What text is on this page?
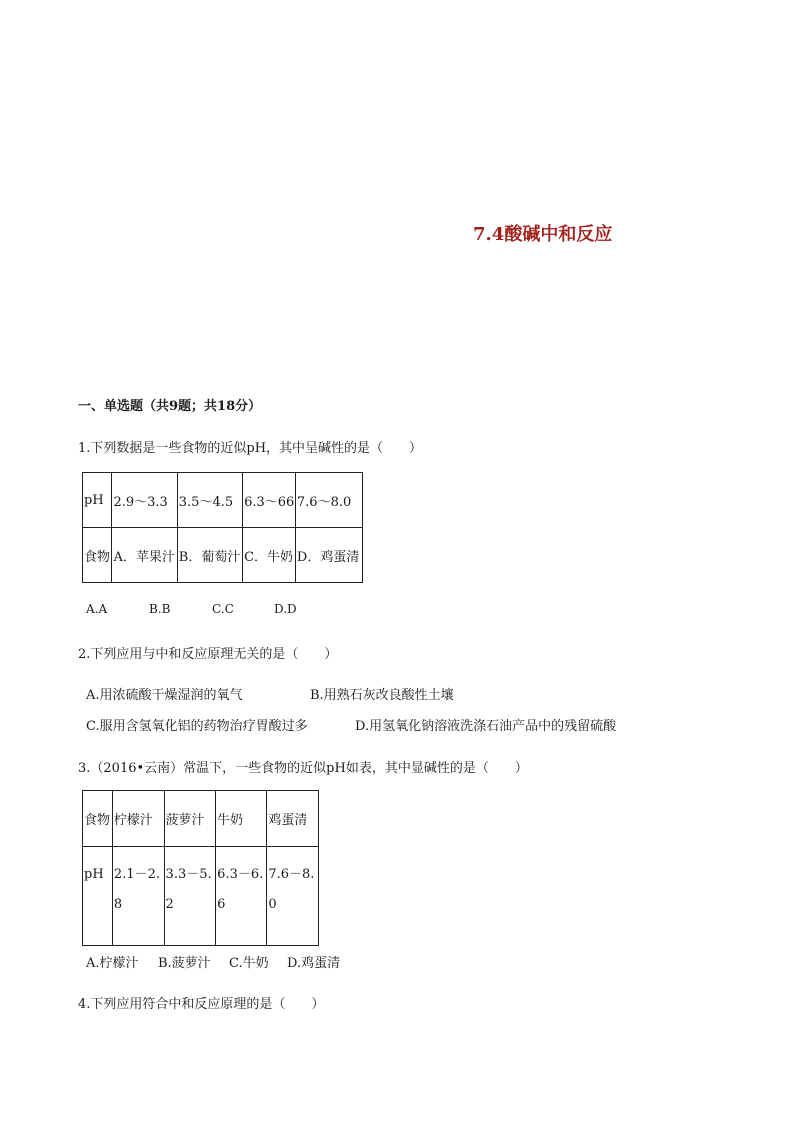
7.4酸碱中和反应
一、单选题（共9题；共18分）
1.下列数据是一些食物的近似pH，其中呈碱性的是（　　）
pH	2.9～3.3	3.5～4.5	6.3～66	7.6～8.0
食物	A．苹果汁	B．葡萄汁	C．牛奶	D．鸡蛋清
A.A	B.B	C.C	D.D
2.下列应用与中和反应原理无关的是（　　）
A.用浓硫酸干燥湿润的氧气	B.用熟石灰改良酸性土壤
C.服用含氢氧化铝的药物治疗胃酸过多	D.用氢氧化钠溶液洗涤石油产品中的残留硫酸
3.（2016•云南）常温下，一些食物的近似pH如表，其中显碱性的是（　　）
食物	柠檬汁	菠萝汁	牛奶	鸡蛋清
pH	2.1－2.8	3.3－5.2	6.3－6.6	7.6－8.0
A.柠檬汁 B.菠萝汁 C.牛奶 D.鸡蛋清
4.下列应用符合中和反应原理的是（　　）
